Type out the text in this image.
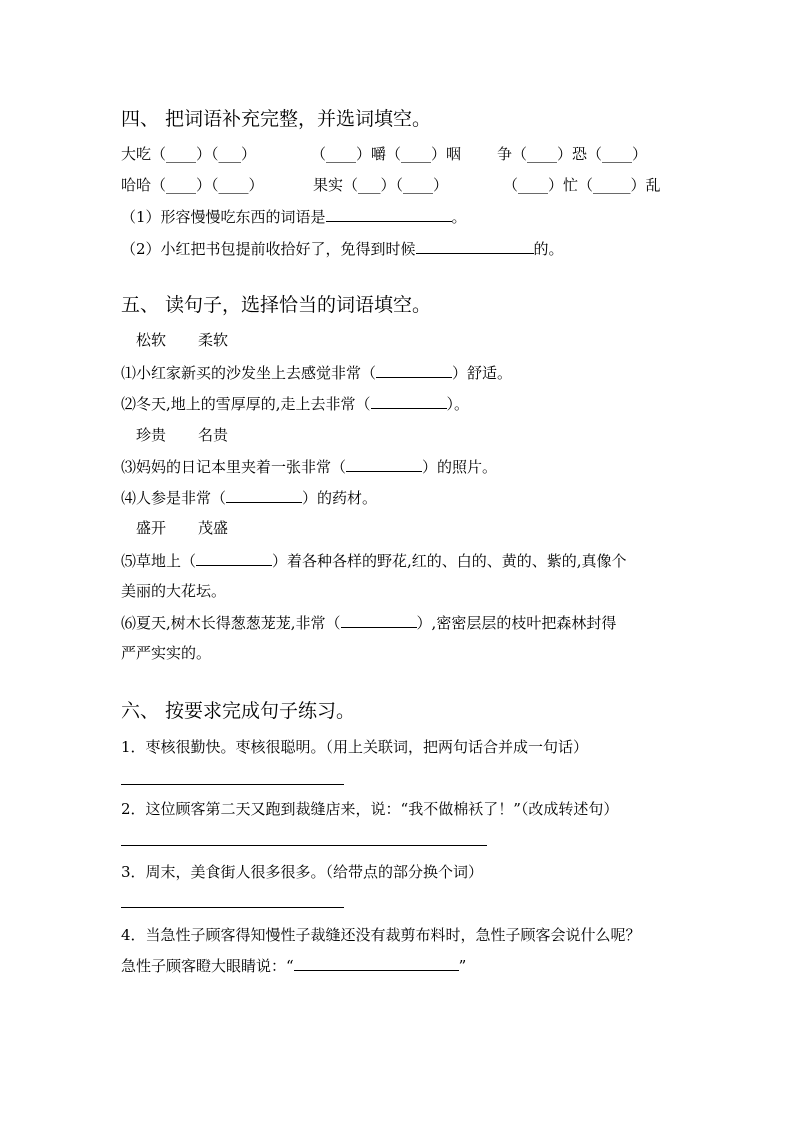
四、 把词语补充完整，并选词填空。
大吃（____）（___）	（____）嚼（____）咽 争（____）恐（____）
哈哈（____）（____）	果实（___）（____）	（____）忙（_____）乱
（1）形容慢慢吃东西的词语是	。
（2）小红把书包提前收拾好了，免得到时候	的。
五、 读句子，选择恰当的词语填空。
松软 柔软
⑴小红家新买的沙发坐上去感觉非常（	）舒适。
⑵冬天,地上的雪厚厚的,走上去非常（	）。
珍贵 名贵
⑶妈妈的日记本里夹着一张非常（	）的照片。
⑷人参是非常（	）的药材。
盛开 茂盛
⑸草地上（	）着各种各样的野花,红的、白的、黄的、紫的,真像个
美丽的大花坛。
⑹夏天,树木长得葱葱茏茏,非常（	）,密密层层的枝叶把森林封得
严严实实的。
六、 按要求完成句子练习。
1．枣核很勤快。枣核很聪明。（用上关联词，把两句话合并成一句话）
2．这位顾客第二天又跑到裁缝店来，说：“我不做棉袄了！”（改成转述句）
3．周末，美食街人很多很多。（给带点的部分换个词）
4．当急性子顾客得知慢性子裁缝还没有裁剪布料时，急性子顾客会说什么呢？
急性子顾客瞪大眼睛说：“	”
